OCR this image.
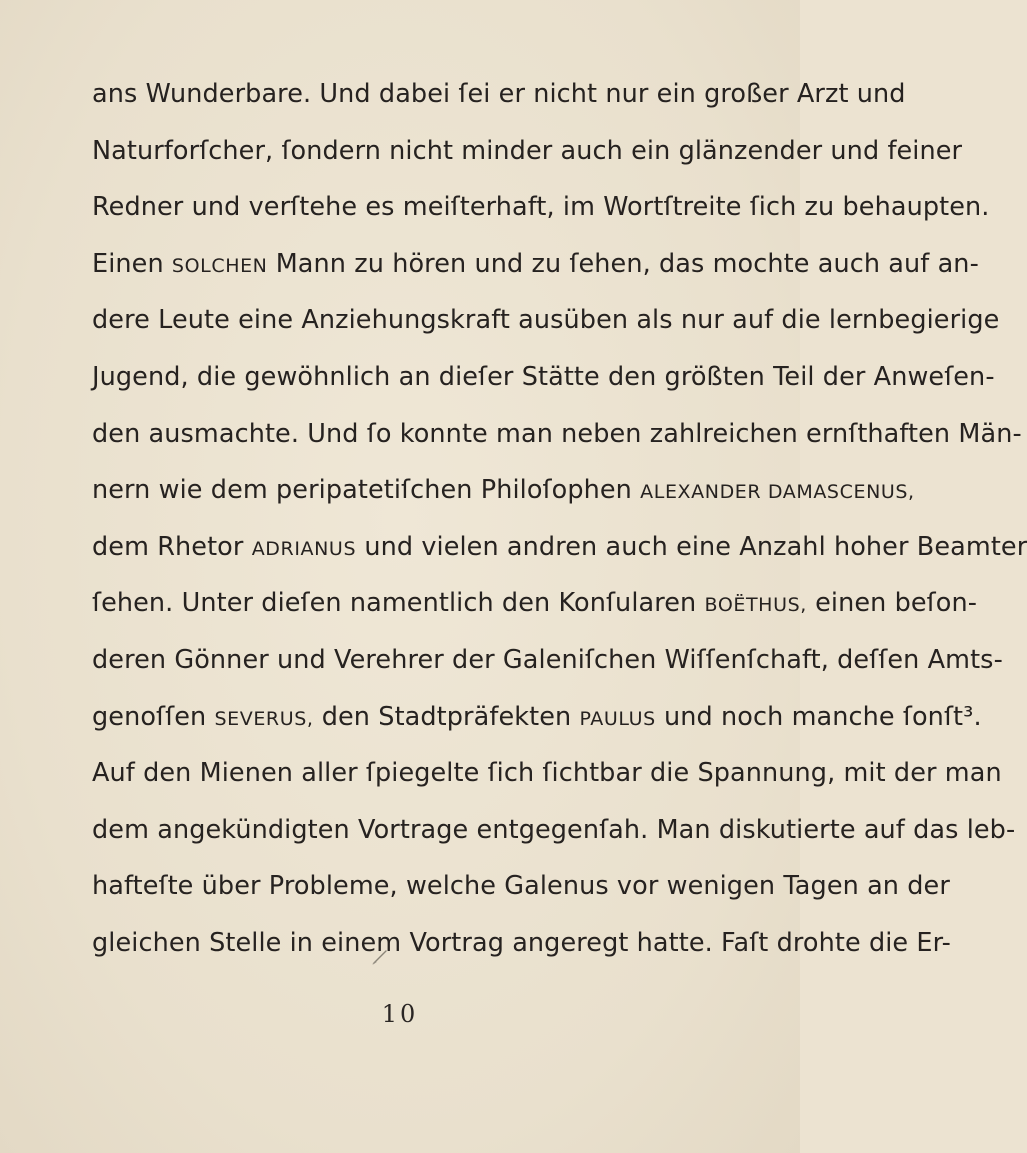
ans Wunderbare. Und dabei ſei er nicht nur ein großer Arzt und
Naturforſcher, ſondern nicht minder auch ein glänzender und feiner
Redner und verſtehe es meiſterhaft, im Wortſtreite ſich zu behaupten.
Einen SOLCHEN Mann zu hören und zu ſehen, das mochte auch auf an-
dere Leute eine Anziehungskraft ausüben als nur auf die lernbegierige
Jugend, die gewöhnlich an dieſer Stätte den größten Teil der Anweſen-
den ausmachte. Und ſo konnte man neben zahlreichen ernſthaften Män-
nern wie dem peripatetiſchen Philoſophen ALEXANDER DAMASCENUS,
dem Rhetor ADRIANUS und vielen andren auch eine Anzahl hoher Beamter
ſehen. Unter dieſen namentlich den Konſularen BOËTHUS, einen beſon-
deren Gönner und Verehrer der Galeniſchen Wiſſenſchaft, deſſen Amts-
genoſſen SEVERUS, den Stadtpräfekten PAULUS und noch manche ſonſt³.
Auf den Mienen aller ſpiegelte ſich ſichtbar die Spannung, mit der man
dem angekündigten Vortrage entgegenſah. Man diskutierte auf das leb-
hafteſte über Probleme, welche Galenus vor wenigen Tagen an der
gleichen Stelle in einem Vortrag angeregt hatte. Faſt drohte die Er-
10
